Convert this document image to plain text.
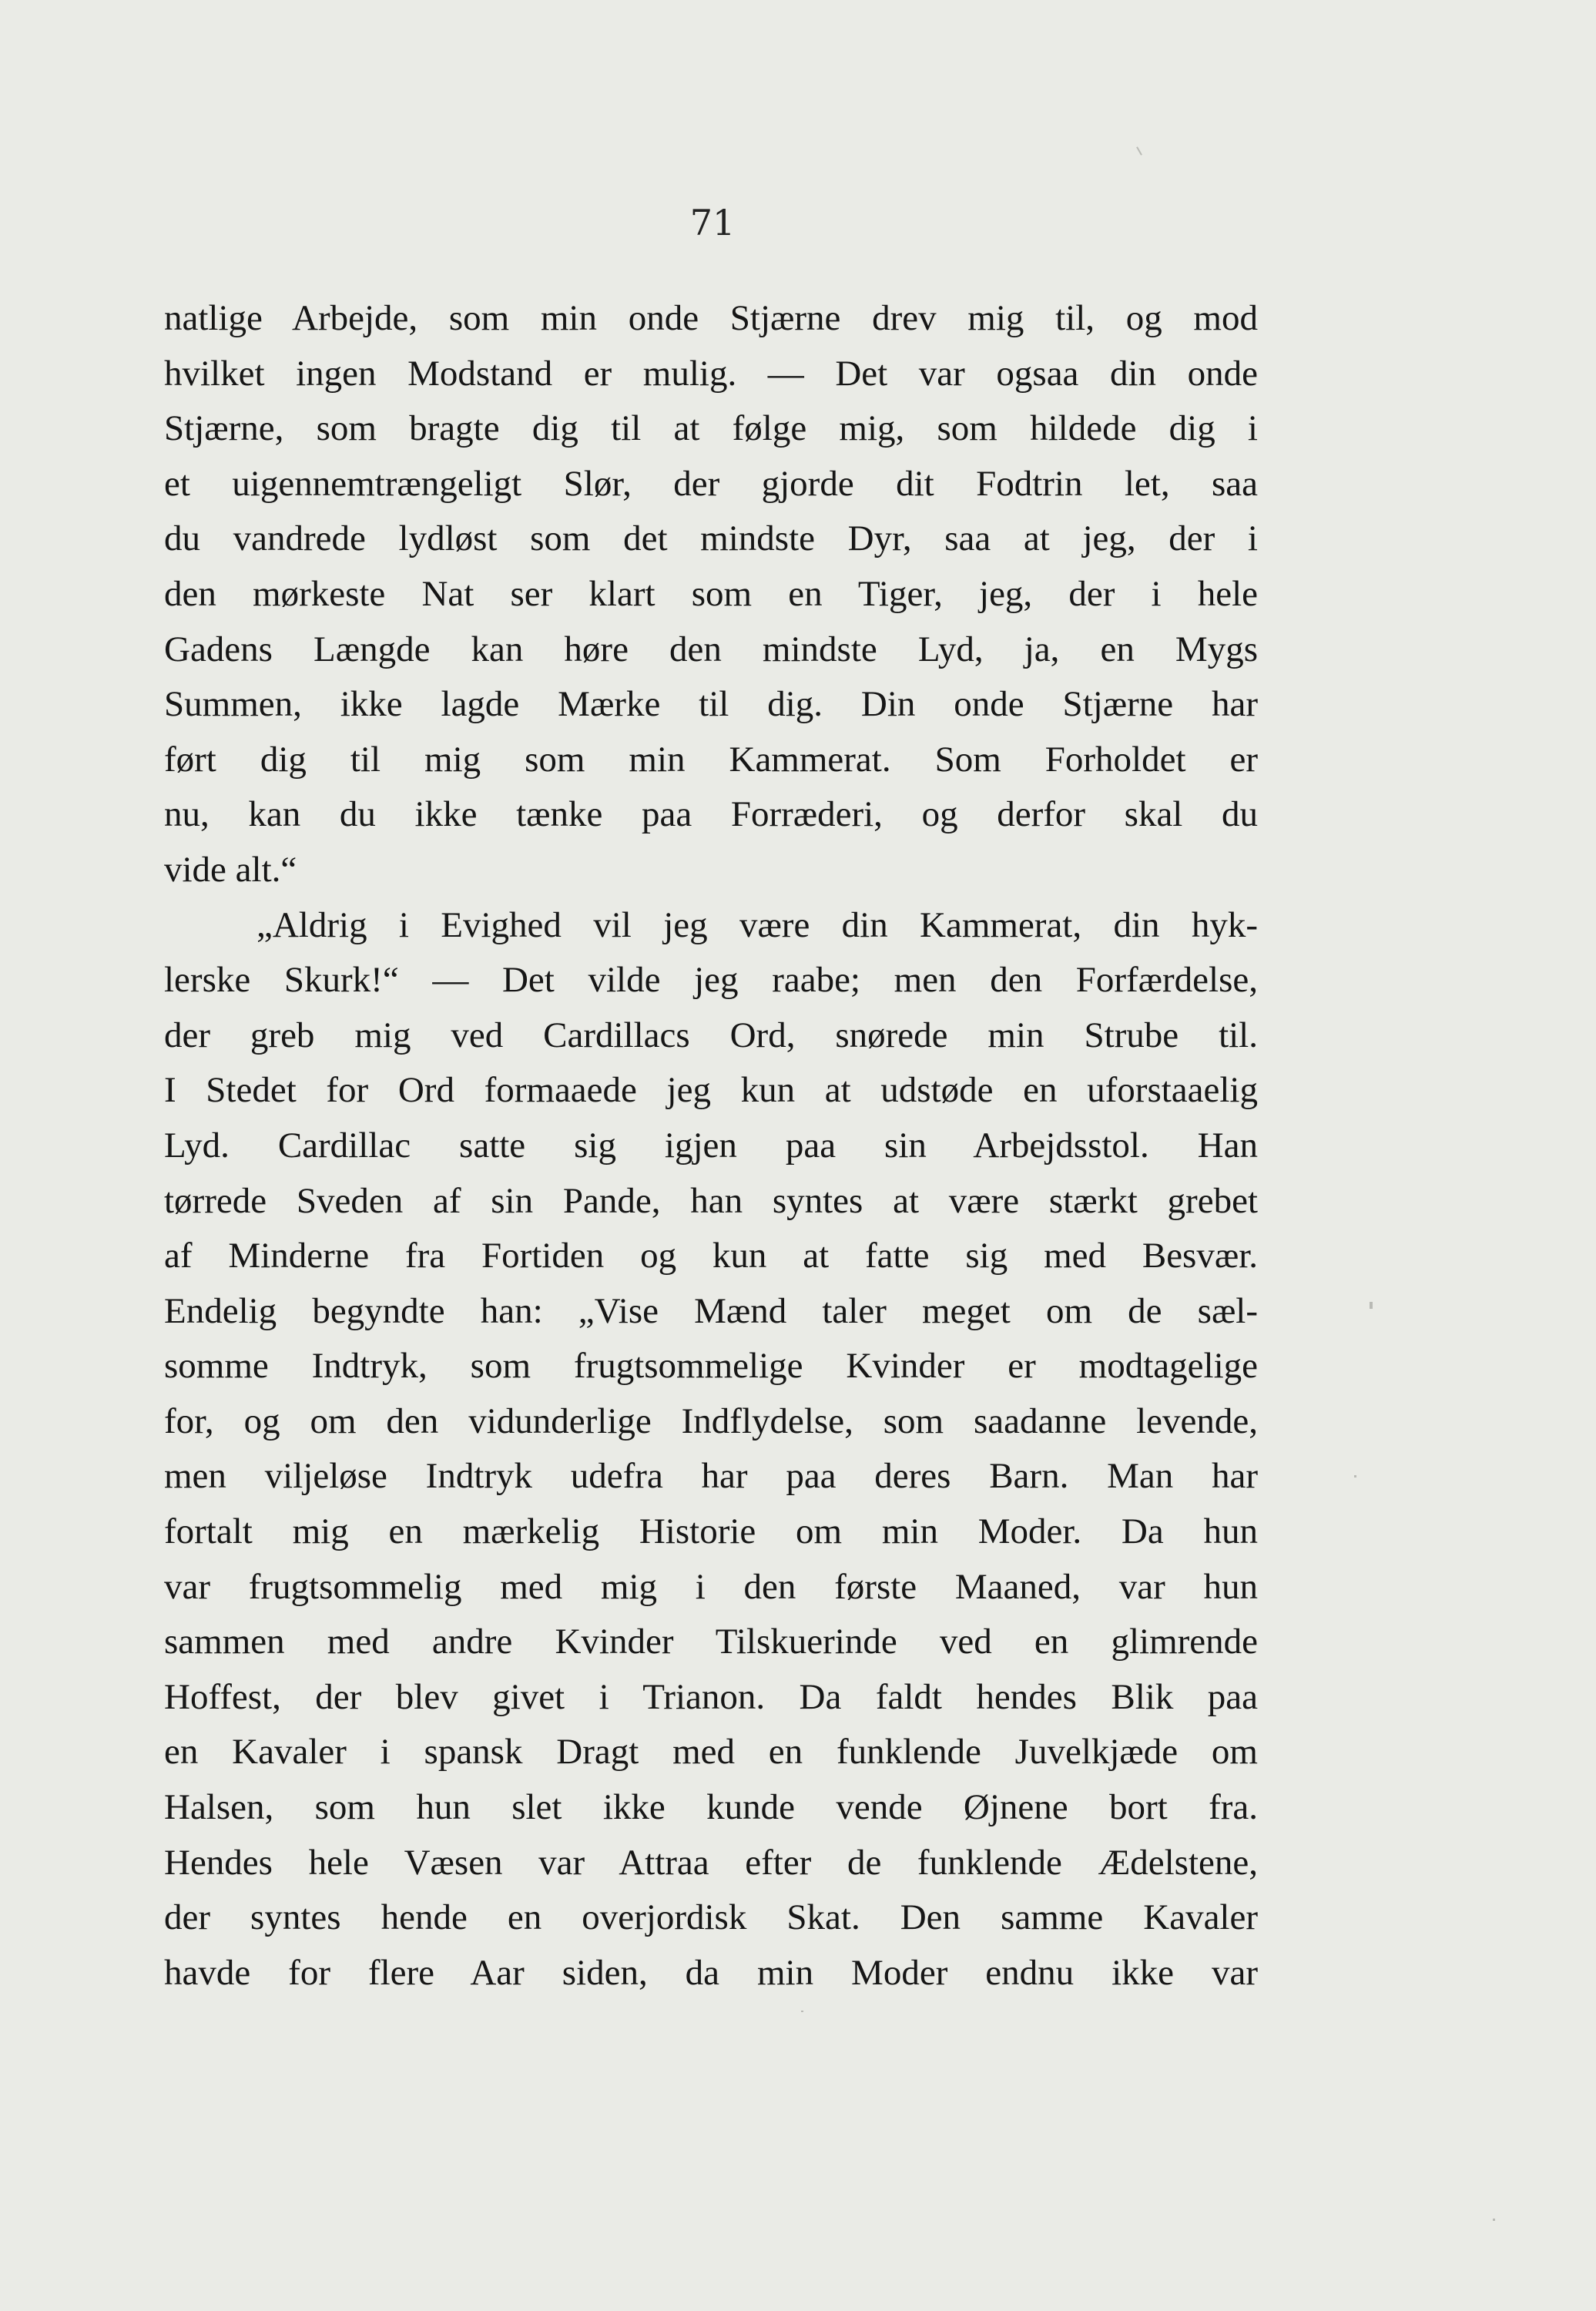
71
natlige Arbejde, som min onde Stjærne drev mig til, og mod
hvilket ingen Modstand er mulig. — Det var ogsaa din onde
Stjærne, som bragte dig til at følge mig, som hildede dig i
et uigennemtrængeligt Slør, der gjorde dit Fodtrin let, saa
du vandrede lydløst som det mindste Dyr, saa at jeg, der i
den mørkeste Nat ser klart som en Tiger, jeg, der i hele
Gadens Længde kan høre den mindste Lyd, ja, en Mygs
Summen, ikke lagde Mærke til dig. Din onde Stjærne har
ført dig til mig som min Kammerat. Som Forholdet er
nu, kan du ikke tænke paa Forræderi, og derfor skal du
vide alt.“
„Aldrig i Evighed vil jeg være din Kammerat, din hyk-
lerske Skurk!“ — Det vilde jeg raabe; men den Forfærdelse,
der greb mig ved Cardillacs Ord, snørede min Strube til.
I Stedet for Ord formaaede jeg kun at udstøde en uforstaaelig
Lyd. Cardillac satte sig igjen paa sin Arbejdsstol. Han
tørrede Sveden af sin Pande, han syntes at være stærkt grebet
af Minderne fra Fortiden og kun at fatte sig med Besvær.
Endelig begyndte han: „Vise Mænd taler meget om de sæl-
somme Indtryk, som frugtsommelige Kvinder er modtagelige
for, og om den vidunderlige Indflydelse, som saadanne levende,
men viljeløse Indtryk udefra har paa deres Barn. Man har
fortalt mig en mærkelig Historie om min Moder. Da hun
var frugtsommelig med mig i den første Maaned, var hun
sammen med andre Kvinder Tilskuerinde ved en glimrende
Hoffest, der blev givet i Trianon. Da faldt hendes Blik paa
en Kavaler i spansk Dragt med en funklende Juvelkjæde om
Halsen, som hun slet ikke kunde vende Øjnene bort fra.
Hendes hele Væsen var Attraa efter de funklende Ædelstene,
der syntes hende en overjordisk Skat. Den samme Kavaler
havde for flere Aar siden, da min Moder endnu ikke var
